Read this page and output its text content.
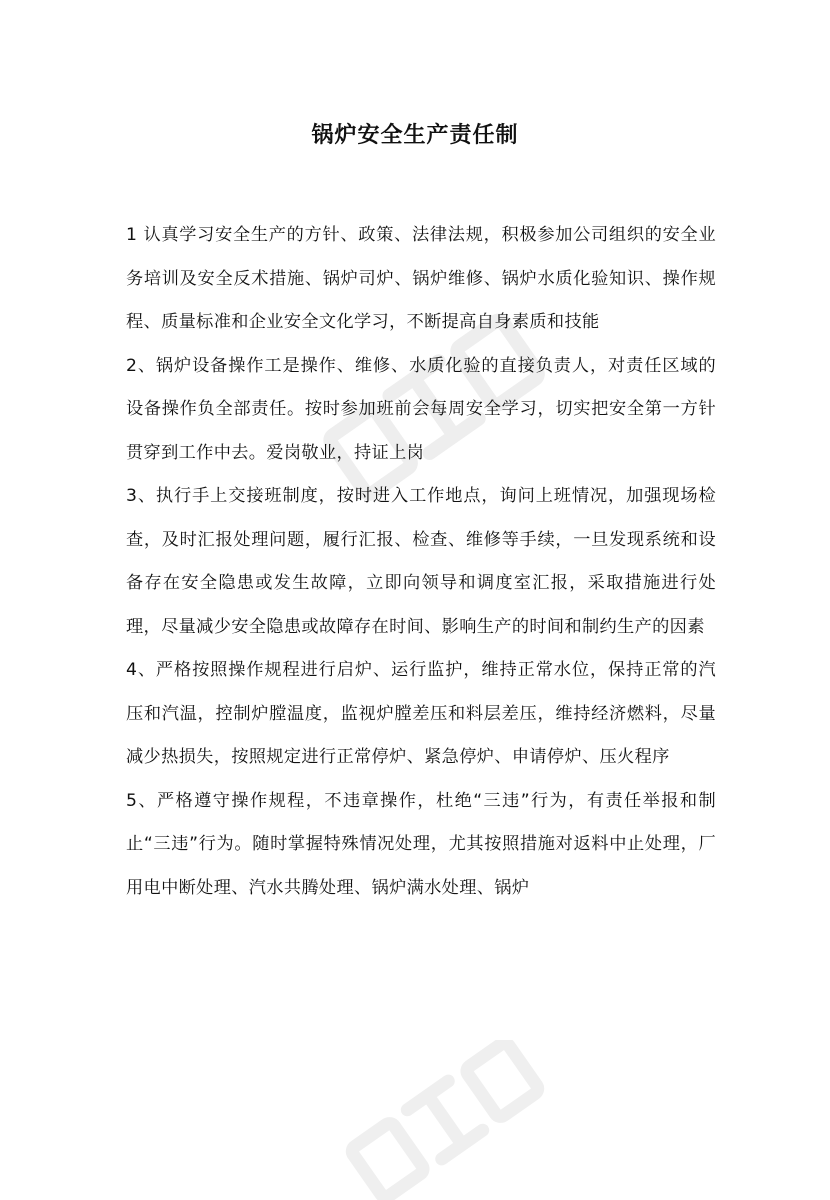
锅炉安全生产责任制

1 认真学习安全生产的方针、政策、法律法规，积极参加公司组织的安全业务培训及安全反术措施、锅炉司炉、锅炉维修、锅炉水质化验知识、操作规程、质量标准和企业安全文化学习，不断提高自身素质和技能

2、锅炉设备操作工是操作、维修、水质化验的直接负责人，对责任区域的设备操作负全部责任。按时参加班前会每周安全学习，切实把安全第一方针贯穿到工作中去。爱岗敬业，持证上岗

3、执行手上交接班制度，按时进入工作地点，询问上班情况，加强现场检查，及时汇报处理问题，履行汇报、检查、维修等手续，一旦发现系统和设备存在安全隐患或发生故障，立即向领导和调度室汇报，采取措施进行处理，尽量减少安全隐患或故障存在时间、影响生产的时间和制约生产的因素

4、严格按照操作规程进行启炉、运行监护，维持正常水位，保持正常的汽压和汽温，控制炉膛温度，监视炉膛差压和料层差压，维持经济燃料，尽量减少热损失，按照规定进行正常停炉、紧急停炉、申请停炉、压火程序

5、严格遵守操作规程，不违章操作，杜绝“三违”行为，有责任举报和制止“三违”行为。随时掌握特殊情况处理，尤其按照措施对返料中止处理，厂用电中断处理、汽水共腾处理、锅炉满水处理、锅炉
